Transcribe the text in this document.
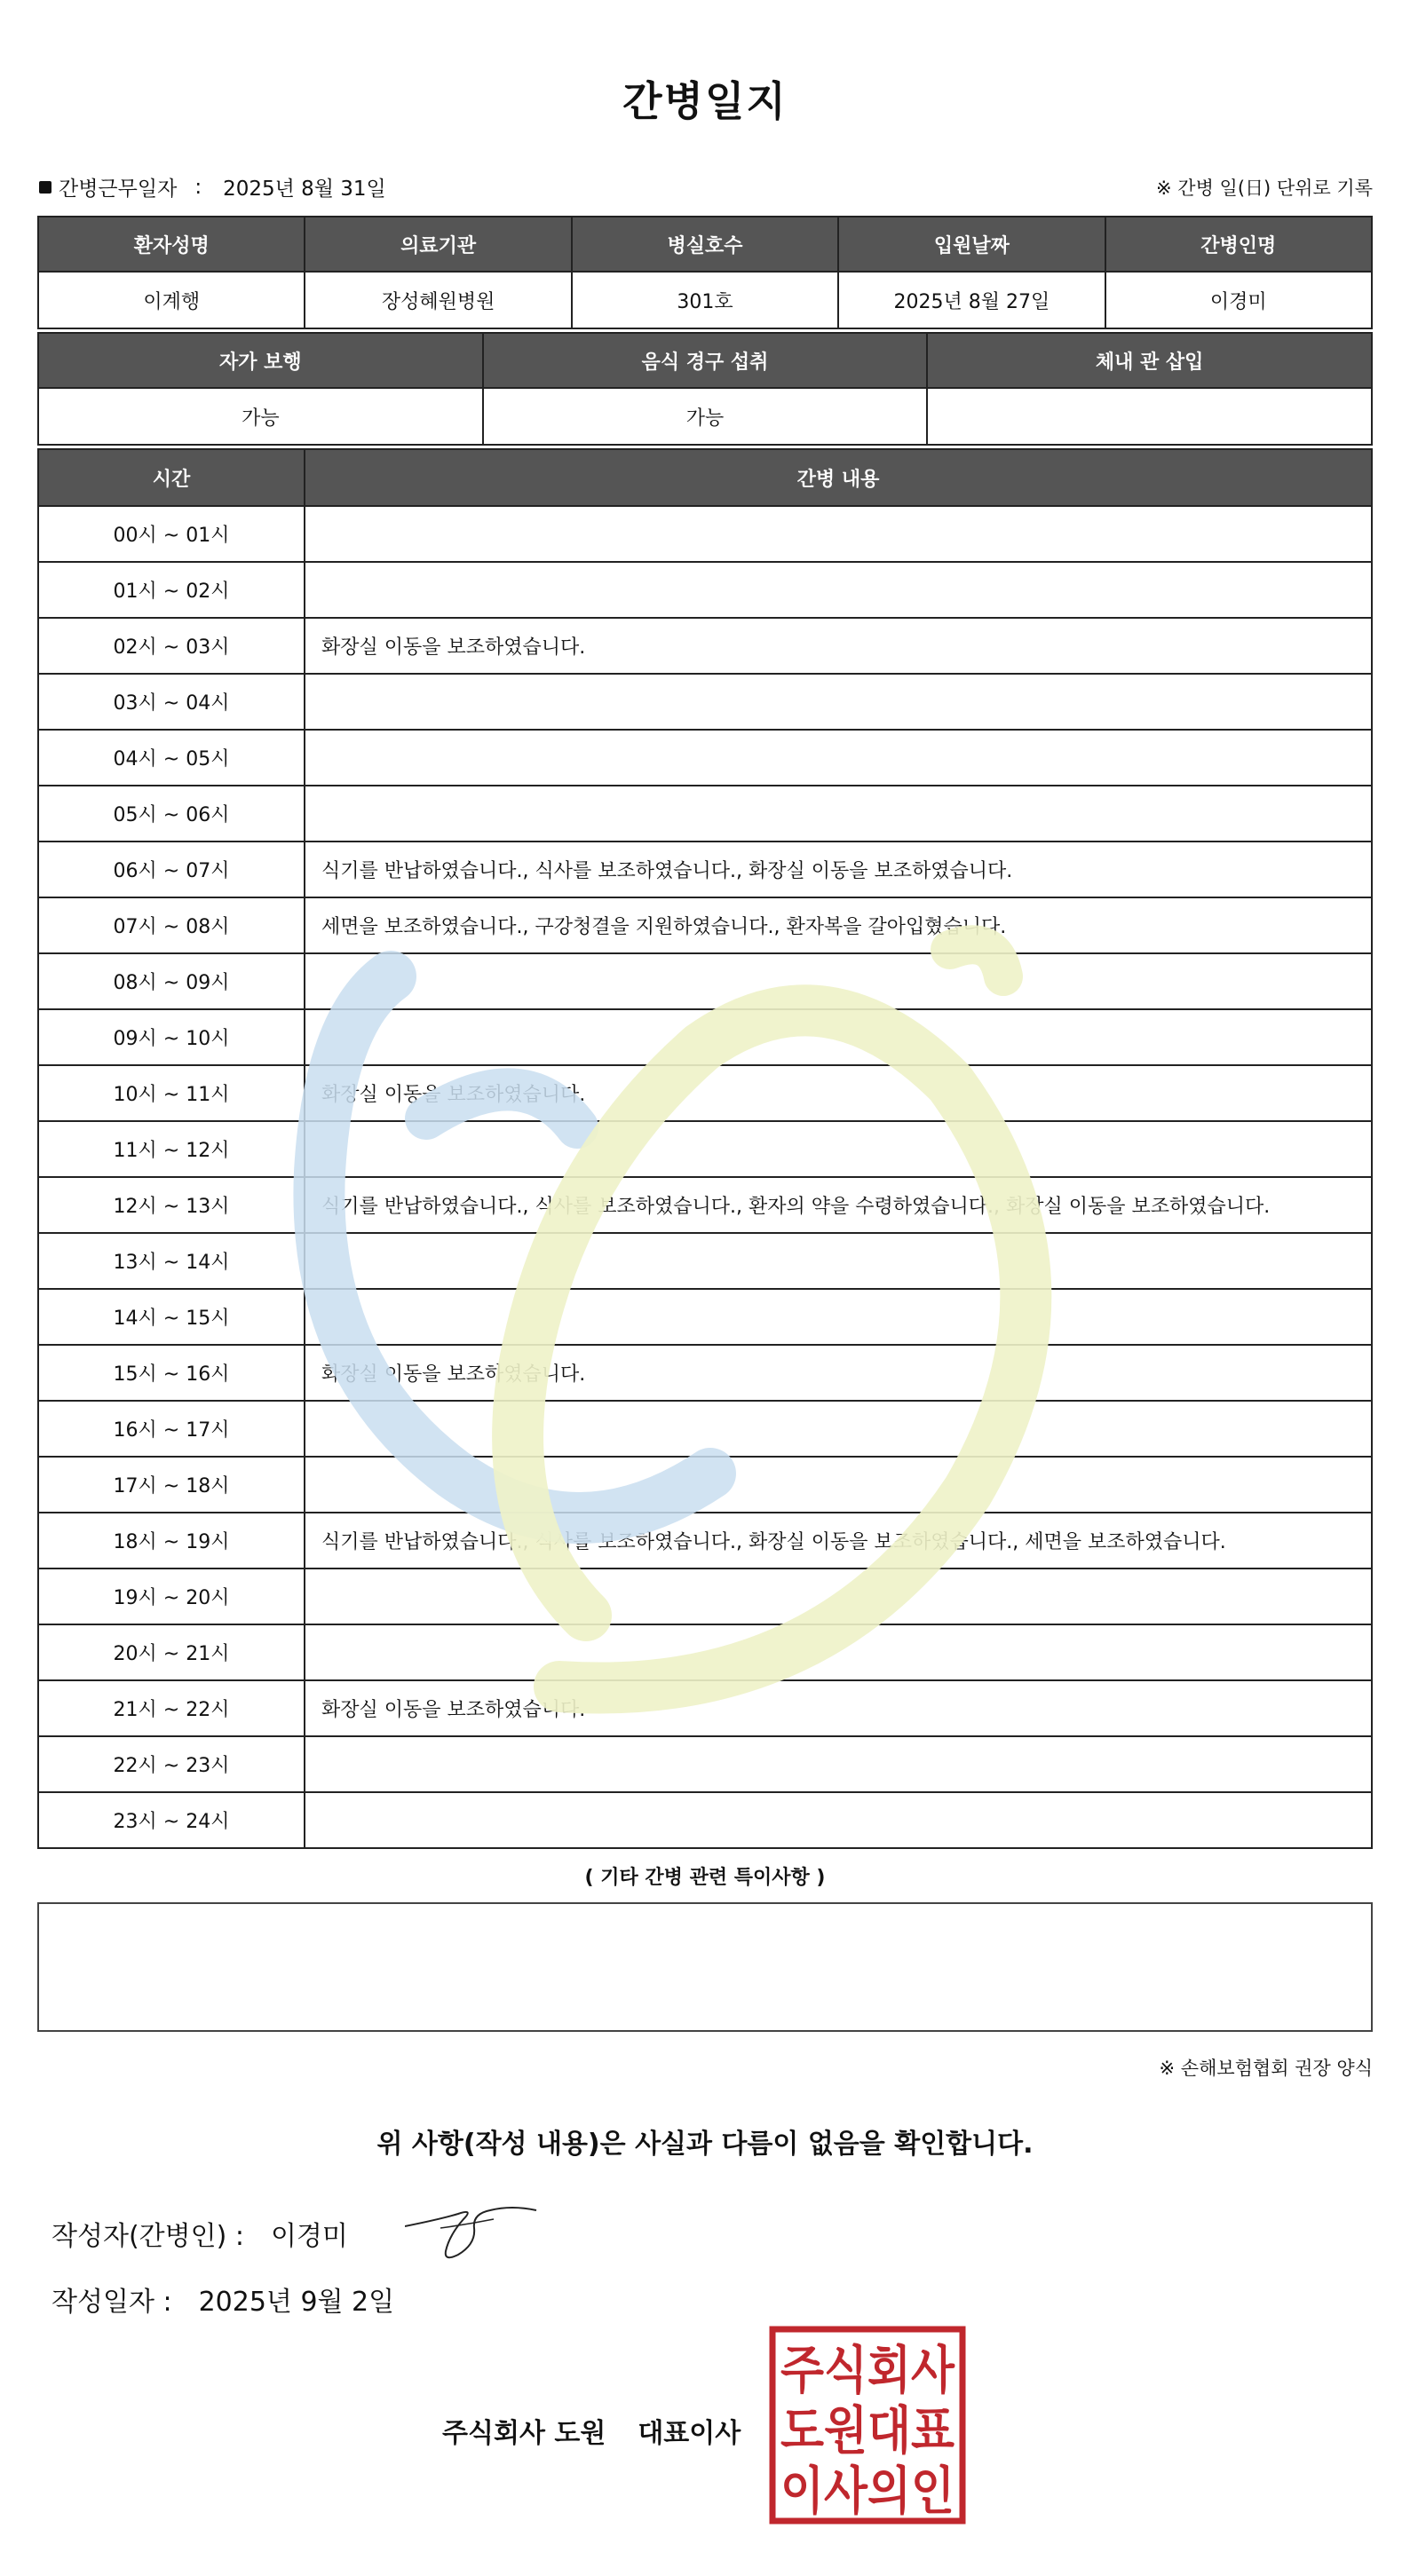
간병일지
간병근무일자 : 2025년 8월 31일	※ 간병 일(日) 단위로 기록
환자성명	의료기관	병실호수	입원날짜	간병인명
이계행	장성혜원병원	301호	2025년 8월 27일	이경미
자가 보행	음식 경구 섭취	체내 관 삽입
가능	가능	
시간	간병 내용
00시 ~ 01시	
01시 ~ 02시	
02시 ~ 03시	화장실 이동을 보조하였습니다.
03시 ~ 04시	
04시 ~ 05시	
05시 ~ 06시	
06시 ~ 07시	식기를 반납하였습니다., 식사를 보조하였습니다., 화장실 이동을 보조하였습니다.
07시 ~ 08시	세면을 보조하였습니다., 구강청결을 지원하였습니다., 환자복을 갈아입혔습니다.
08시 ~ 09시	
09시 ~ 10시	
10시 ~ 11시	화장실 이동을 보조하였습니다.
11시 ~ 12시	
12시 ~ 13시	식기를 반납하였습니다., 식사를 보조하였습니다., 환자의 약을 수령하였습니다., 화장실 이동을 보조하였습니다.
13시 ~ 14시	
14시 ~ 15시	
15시 ~ 16시	화장실 이동을 보조하였습니다.
16시 ~ 17시	
17시 ~ 18시	
18시 ~ 19시	식기를 반납하였습니다., 식사를 보조하였습니다., 화장실 이동을 보조하였습니다., 세면을 보조하였습니다.
19시 ~ 20시	
20시 ~ 21시	
21시 ~ 22시	화장실 이동을 보조하였습니다.
22시 ~ 23시	
23시 ~ 24시	
( 기타 간병 관련 특이사항 )
※ 손해보험협회 권장 양식
위 사항(작성 내용)은 사실과 다름이 없음을 확인합니다.
작성자(간병인) : 이경미
작성일자 : 2025년 9월 2일
주식회사 도원 대표이사
주식회사
도원대표
이사의인
